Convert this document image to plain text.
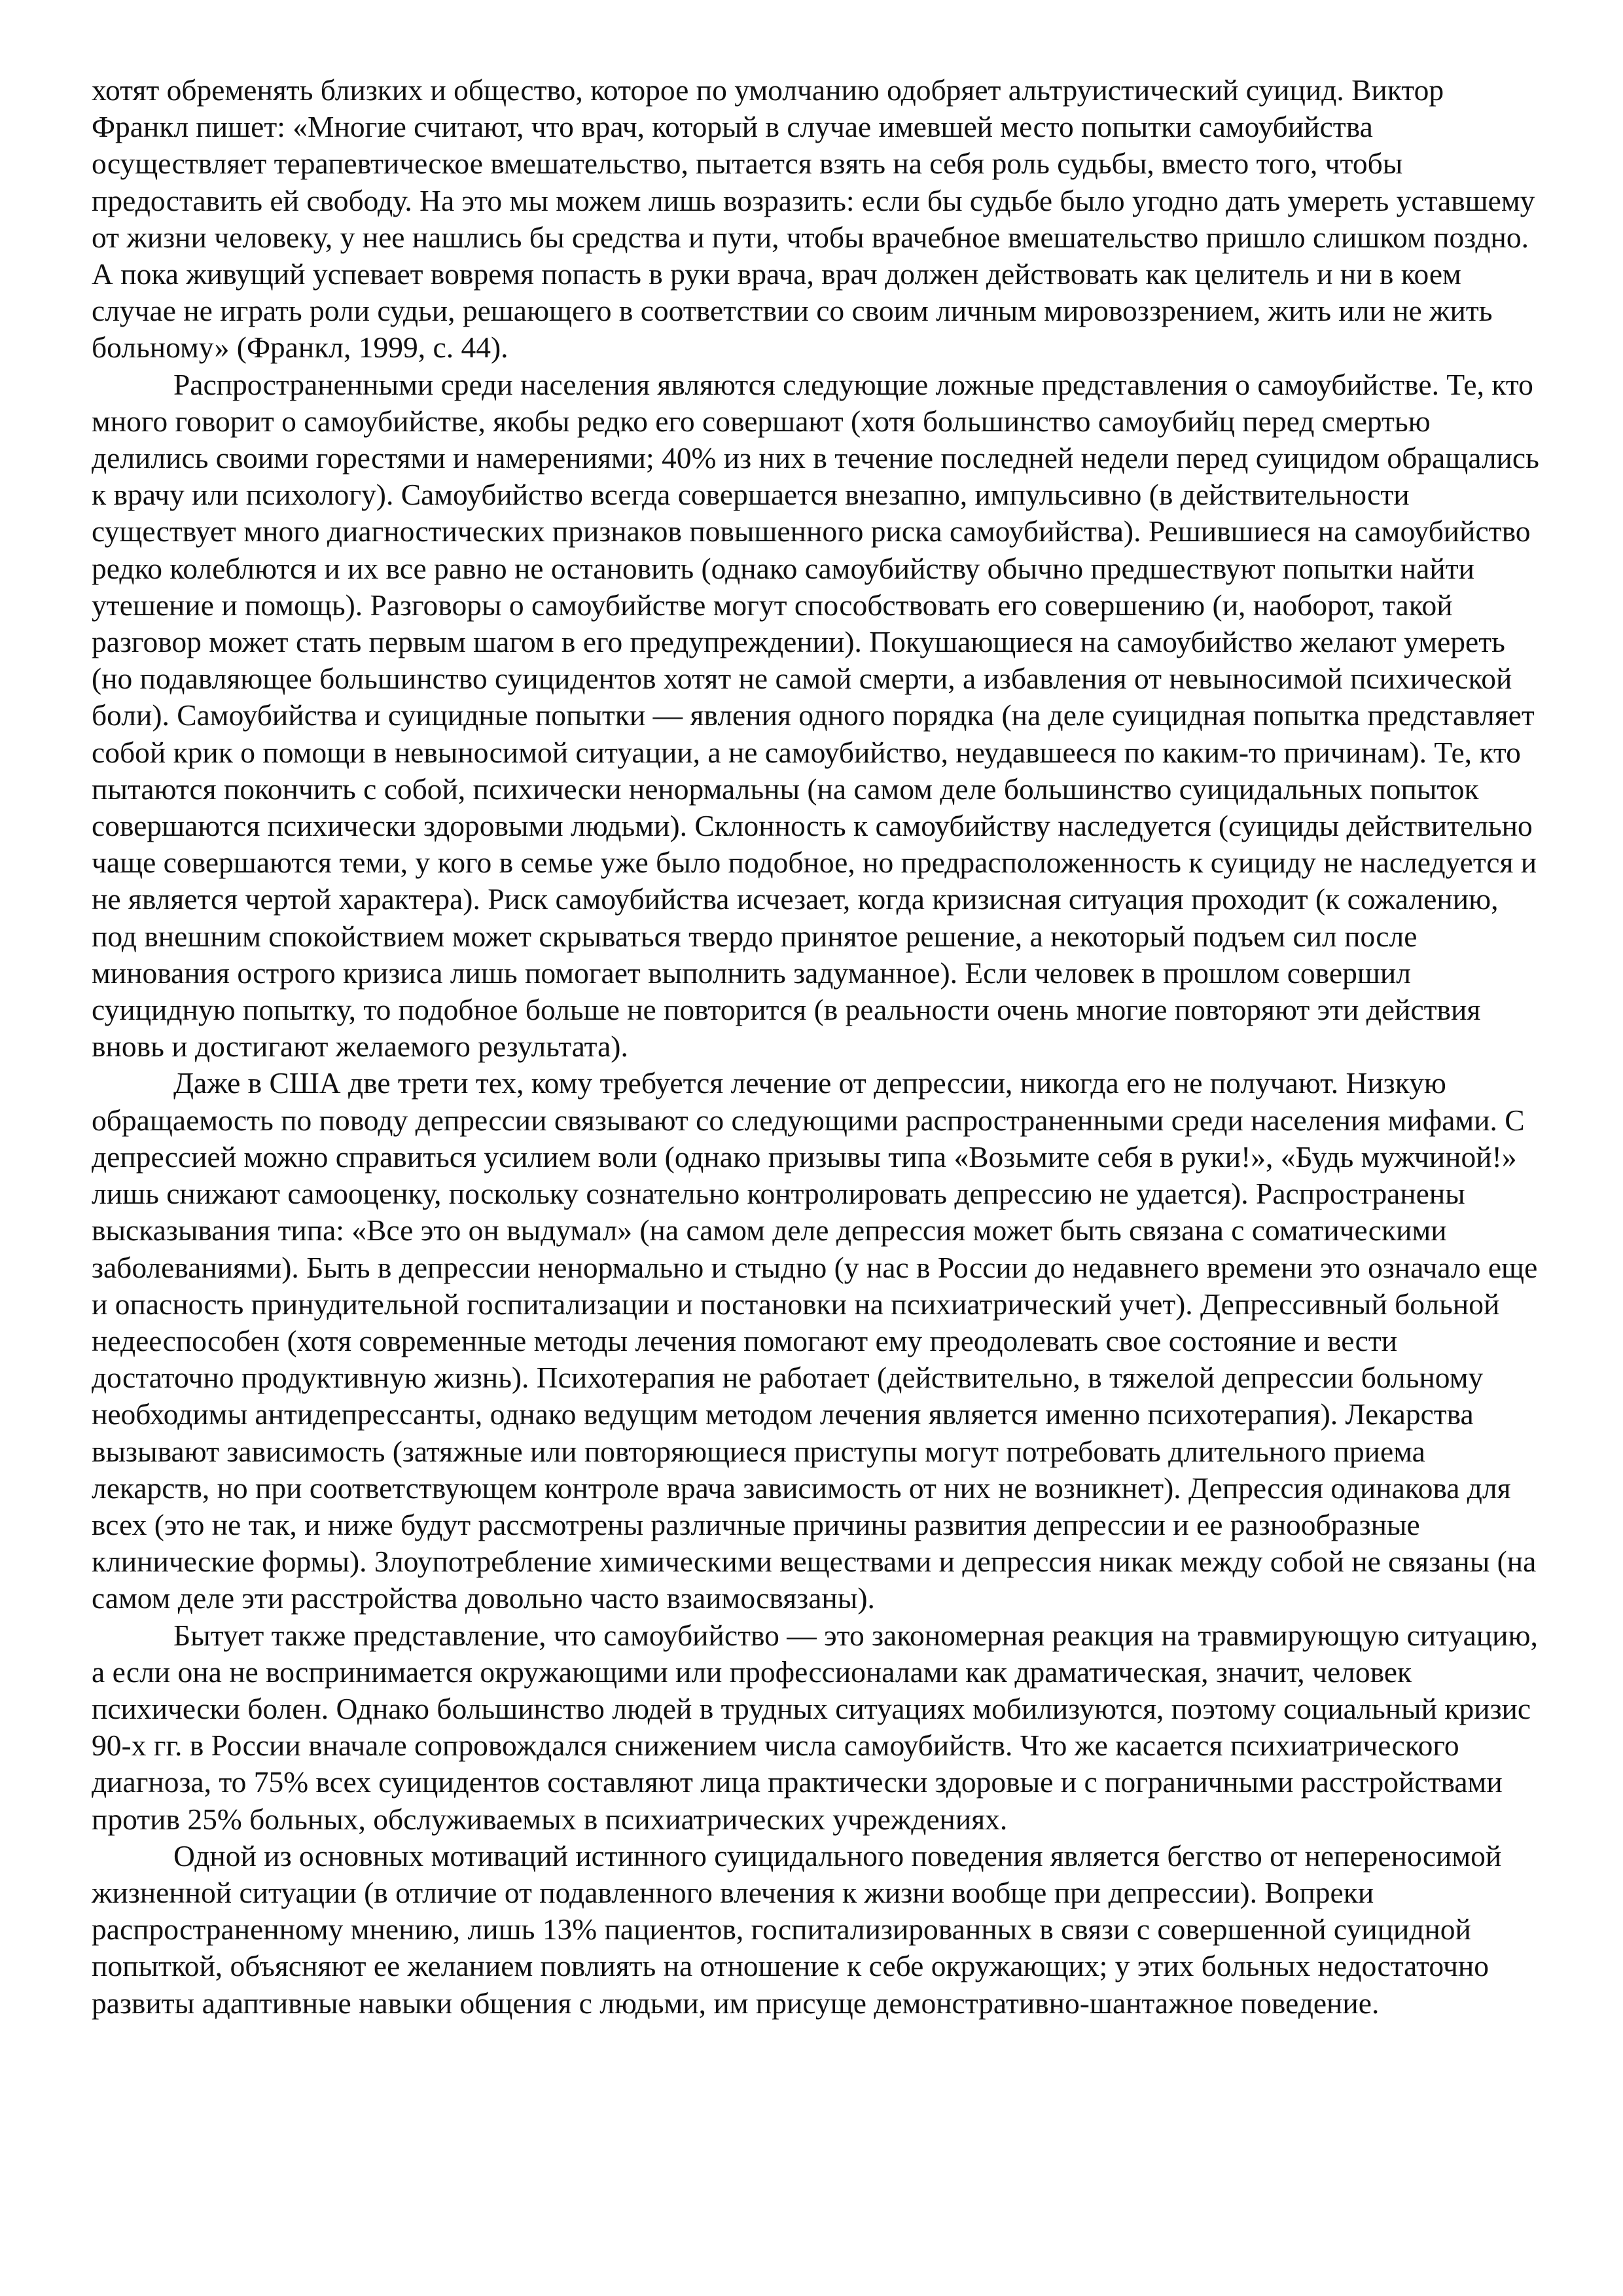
хотят обременять близких и общество, которое по умолчанию одобряет альтруистический суицид. Виктор Франкл пишет: «Многие считают, что врач, который в случае имевшей место попытки самоубийства осуществляет терапевтическое вмешательство, пытается взять на себя роль судьбы, вместо того, чтобы предоставить ей свободу. На это мы можем лишь возразить: если бы судьбе было угодно дать умереть уставшему от жизни человеку, у нее нашлись бы средства и пути, чтобы врачебное вмешательство пришло слишком поздно. А пока живущий успевает вовремя попасть в руки врача, врач должен действовать как целитель и ни в коем случае не играть роли судьи, решающего в соответствии со своим личным мировоззрением, жить или не жить больному» (Франкл, 1999, с. 44).

Распространенными среди населения являются следующие ложные представления о самоубийстве. Те, кто много говорит о самоубийстве, якобы редко его совершают (хотя большинство самоубийц перед смертью делились своими горестями и намерениями; 40% из них в течение последней недели перед суицидом обращались к врачу или психологу). Самоубийство всегда совершается внезапно, импульсивно (в действительности существует много диагностических признаков повышенного риска самоубийства). Решившиеся на самоубийство редко колеблются и их все равно не остановить (однако самоубийству обычно предшествуют попытки найти утешение и помощь). Разговоры о самоубийстве могут способствовать его совершению (и, наоборот, такой разговор может стать первым шагом в его предупреждении). Покушающиеся на самоубийство желают умереть (но подавляющее большинство суицидентов хотят не самой смерти, а избавления от невыносимой психической боли). Самоубийства и суицидные попытки — явления одного порядка (на деле суицидная попытка представляет собой крик о помощи в невыносимой ситуации, а не самоубийство, неудавшееся по каким-то причинам). Те, кто пытаются покончить с собой, психически ненормальны (на самом деле большинство суицидальных попыток совершаются психически здоровыми людьми). Склонность к самоубийству наследуется (суициды действительно чаще совершаются теми, у кого в семье уже было подобное, но предрасположенность к суициду не наследуется и не является чертой характера). Риск самоубийства исчезает, когда кризисная ситуация проходит (к сожалению, под внешним спокойствием может скрываться твердо принятое решение, а некоторый подъем сил после минования острого кризиса лишь помогает выполнить задуманное). Если человек в прошлом совершил суицидную попытку, то подобное больше не повторится (в реальности очень многие повторяют эти действия вновь и достигают желаемого результата).

Даже в США две трети тех, кому требуется лечение от депрессии, никогда его не получают. Низкую обращаемость по поводу депрессии связывают со следующими распространенными среди населения мифами. С депрессией можно справиться усилием воли (однако призывы типа «Возьмите себя в руки!», «Будь мужчиной!» лишь снижают самооценку, поскольку сознательно контролировать депрессию не удается). Распространены высказывания типа: «Все это он выдумал» (на самом деле депрессия может быть связана с соматическими заболеваниями). Быть в депрессии ненормально и стыдно (у нас в России до недавнего времени это означало еще и опасность принудительной госпитализации и постановки на психиатрический учет). Депрессивный больной недееспособен (хотя современные методы лечения помогают ему преодолевать свое состояние и вести достаточно продуктивную жизнь). Психотерапия не работает (действительно, в тяжелой депрессии больному необходимы антидепрессанты, однако ведущим методом лечения является именно психотерапия). Лекарства вызывают зависимость (затяжные или повторяющиеся приступы могут потребовать длительного приема лекарств, но при соответствующем контроле врача зависимость от них не возникнет). Депрессия одинакова для всех (это не так, и ниже будут рассмотрены различные причины развития депрессии и ее разнообразные клинические формы). Злоупотребление химическими веществами и депрессия никак между собой не связаны (на самом деле эти расстройства довольно часто взаимосвязаны).

Бытует также представление, что самоубийство — это закономерная реакция на травмирующую ситуацию, а если она не воспринимается окружающими или профессионалами как драматическая, значит, человек психически болен. Однако большинство людей в трудных ситуациях мобилизуются, поэтому социальный кризис 90-х гг. в России вначале сопровождался снижением числа самоубийств. Что же касается психиатрического диагноза, то 75% всех суицидентов составляют лица практически здоровые и с пограничными расстройствами против 25% больных, обслуживаемых в психиатрических учреждениях.

Одной из основных мотиваций истинного суицидального поведения является бегство от непереносимой жизненной ситуации (в отличие от подавленного влечения к жизни вообще при депрессии). Вопреки распространенному мнению, лишь 13% пациентов, госпитализированных в связи с совершенной суицидной попыткой, объясняют ее желанием повлиять на отношение к себе окружающих; у этих больных недостаточно развиты адаптивные навыки общения с людьми, им присуще демонстративно-шантажное поведение.
